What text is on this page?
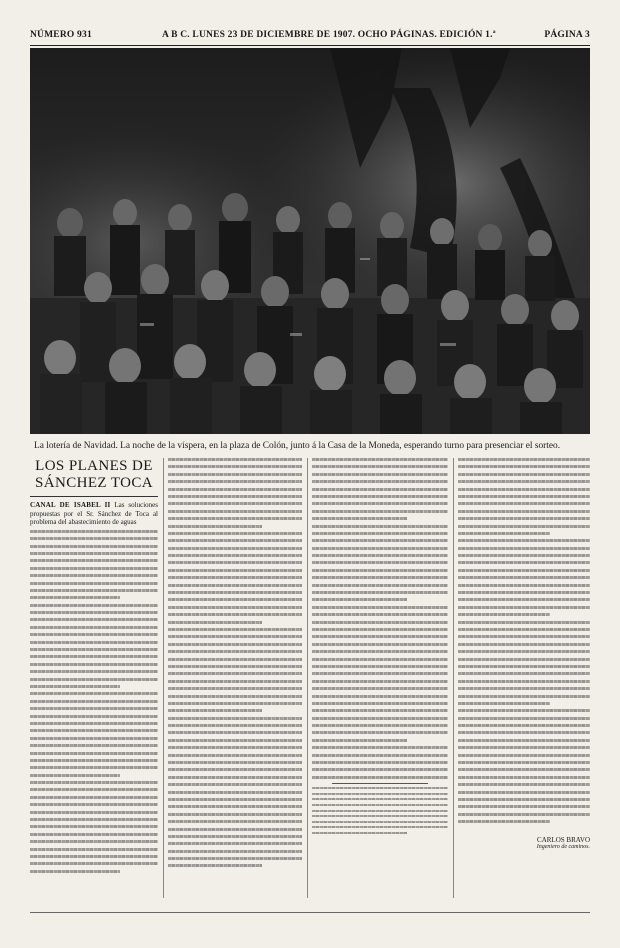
NÚMERO 931	A B C. LUNES 23 DE DICIEMBRE DE 1907. OCHO PÁGINAS. EDICIÓN 1.ª	PÁGINA 3
La lotería de Navidad. La noche de la víspera, en la plaza de Colón, junto á la Casa de la Moneda, esperando turno para presenciar el sorteo.
LOS PLANES DE
SÁNCHEZ TOCA

CANAL DE ISABEL II Las soluciones propuestas por el Sr. Sánchez de Toca al problema del abastecimiento de aguas

CARLOS BRAVO
Ingeniero de caminos.
